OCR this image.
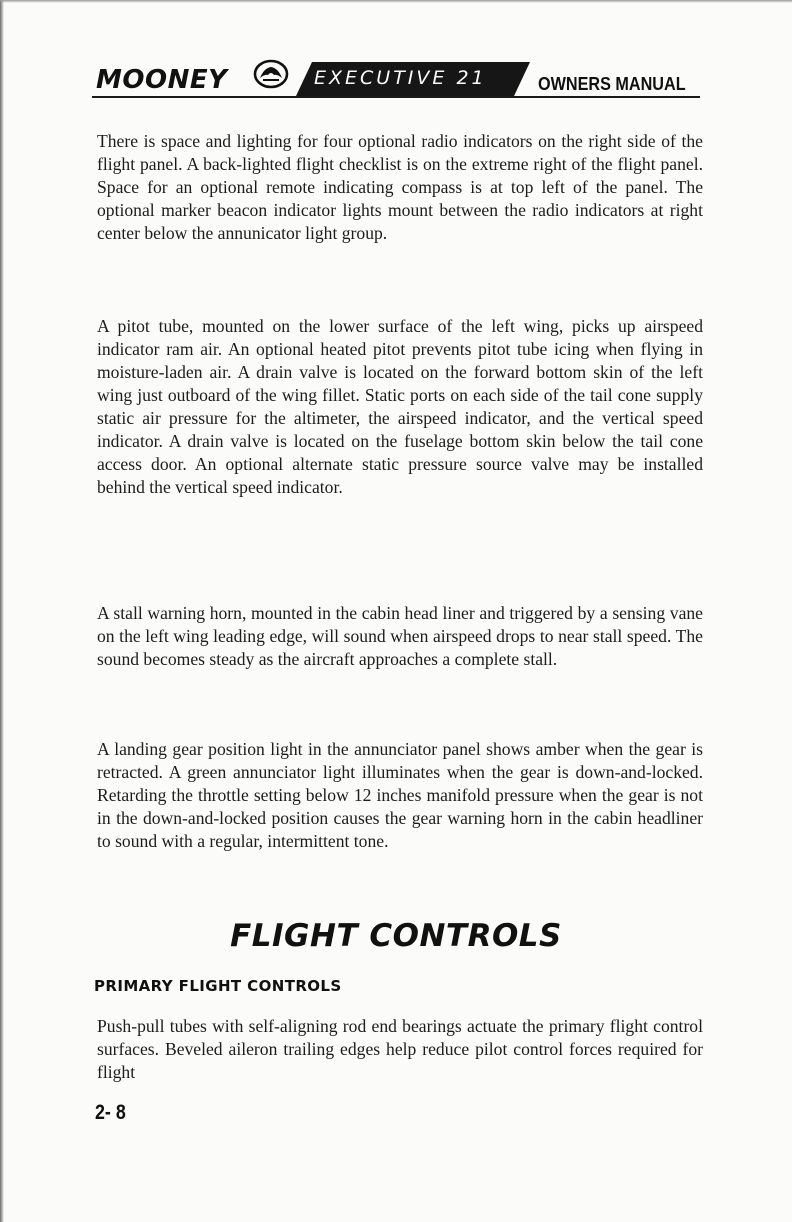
MOONEY	EXECUTIVE 21	OWNERS MANUAL

There is space and lighting for four optional radio indicators on the right side of the flight panel. A back-lighted flight checklist is on the extreme right of the flight panel. Space for an optional remote indicating compass is at top left of the panel. The optional marker beacon indicator lights mount between the radio indicators at right center below the annunicator light group.

A pitot tube, mounted on the lower surface of the left wing, picks up airspeed indicator ram air. An optional heated pitot prevents pitot tube icing when flying in moisture-laden air. A drain valve is located on the forward bottom skin of the left wing just outboard of the wing fillet. Static ports on each side of the tail cone supply static air pressure for the altimeter, the airspeed indicator, and the vertical speed indicator. A drain valve is located on the fuselage bottom skin below the tail cone access door. An optional alternate static pressure source valve may be installed behind the vertical speed indicator.

A stall warning horn, mounted in the cabin head liner and triggered by a sensing vane on the left wing leading edge, will sound when airspeed drops to near stall speed. The sound becomes steady as the aircraft approaches a complete stall.

A landing gear position light in the annunciator panel shows amber when the gear is retracted. A green annunciator light illuminates when the gear is down-and-locked. Retarding the throttle setting below 12 inches manifold pressure when the gear is not in the down-and-locked position causes the gear warning horn in the cabin headliner to sound with a regular, intermittent tone.

FLIGHT CONTROLS
PRIMARY FLIGHT CONTROLS

Push-pull tubes with self-aligning rod end bearings actuate the primary flight control surfaces. Beveled aileron trailing edges help reduce pilot control forces required for flight

2- 8
